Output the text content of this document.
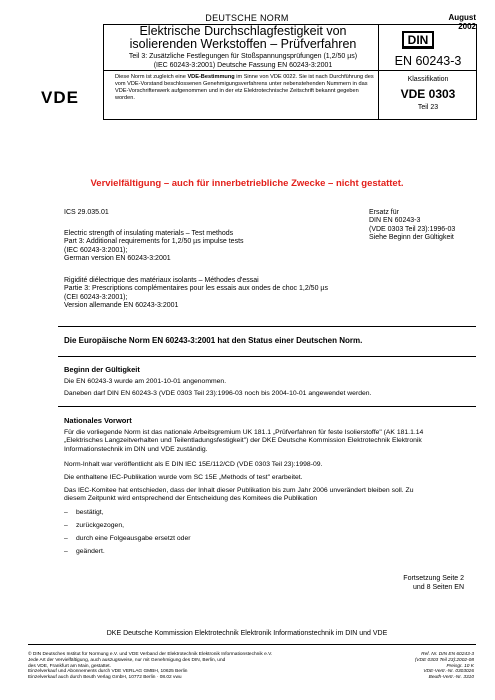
DEUTSCHE NORM	August 2002
Elektrische Durchschlagfestigkeit von
isolierenden Werkstoffen – Prüfverfahren
Teil 3: Zusätzliche Festlegungen für Stoßspannungsprüfungen (1,2/50 µs)
(IEC 60243-3:2001) Deutsche Fassung EN 60243-3:2001
DIN
EN 60243-3
VDE
Diese Norm ist zugleich eine VDE-Bestimmung im Sinne von VDE 0022. Sie ist nach Durchführung des vom VDE-Vorstand beschlossenen Genehmigungsverfahrens unter nebenstehenden Nummern in das VDE-Vorschriftenwerk aufgenommen und in der etz Elektrotechnische Zeitschrift bekannt gegeben worden.
Klassifikation
VDE 0303
Teil 23
Vervielfältigung – auch für innerbetriebliche Zwecke – nicht gestattet.
ICS 29.035.01	Ersatz für
DIN EN 60243-3
(VDE 0303 Teil 23):1996-03
Siehe Beginn der Gültigkeit
Electric strength of insulating materials – Test methods
Part 3: Additional requirements for 1,2/50 µs impulse tests
(IEC 60243-3:2001);
German version EN 60243-3:2001
Rigidité diélectrique des matériaux isolants – Méthodes d'essai
Partie 3: Prescriptions complémentaires pour les essais aux ondes de choc 1,2/50 µs
(CEI 60243-3:2001);
Version allemande EN 60243-3:2001
Die Europäische Norm EN 60243-3:2001 hat den Status einer Deutschen Norm.
Beginn der Gültigkeit
Die EN 60243-3 wurde am 2001-10-01 angenommen.
Daneben darf DIN EN 60243-3 (VDE 0303 Teil 23):1996-03 noch bis 2004-10-01 angewendet werden.
Nationales Vorwort
Für die vorliegende Norm ist das nationale Arbeitsgremium UK 181.1 „Prüfverfahren für feste Isolierstoffe" (AK 181.1.14
„Elektrisches Langzeitverhalten und Teilentladungsfestigkeit") der DKE Deutsche Kommission Elektrotechnik Elektronik
Informationstechnik im DIN und VDE zuständig.
Norm-Inhalt war veröffentlicht als E DIN IEC 15E/112/CD (VDE 0303 Teil 23):1998-09.
Die enthaltene IEC-Publikation wurde vom SC 15E „Methods of test" erarbeitet.
Das IEC-Komitee hat entschieden, dass der Inhalt dieser Publikation bis zum Jahr 2006 unverändert bleiben soll. Zu
diesem Zeitpunkt wird entsprechend der Entscheidung des Komitees die Publikation
– bestätigt,
– zurückgezogen,
– durch eine Folgeausgabe ersetzt oder
– geändert.
Fortsetzung Seite 2
und 8 Seiten EN
DKE Deutsche Kommission Elektrotechnik Elektronik Informationstechnik im DIN und VDE
© DIN Deutsches Institut für Normung e.V. und VDE Verband der Elektrotechnik Elektronik Informationstechnik e.V.
Jede Art der Vervielfältigung, auch auszugsweise, nur mit Genehmigung des DIN, Berlin, und
des VDE, Frankfurt am Main, gestattet.
Einzelverkauf und Abonnements durch VDE VERLAG GMBH, 10625 Berlin
Einzelverkauf auch durch Beuth Verlag GmbH, 10772 Berlin · 08.02 vwu
Ref. Nr. DIN EN 60243-3
(VDE 0303 Teil 23):2002-08
Preisgr. 10 K
VDE-Vertr.-Nr. 0303026
Beuth-Vertr.-Nr. 3310
